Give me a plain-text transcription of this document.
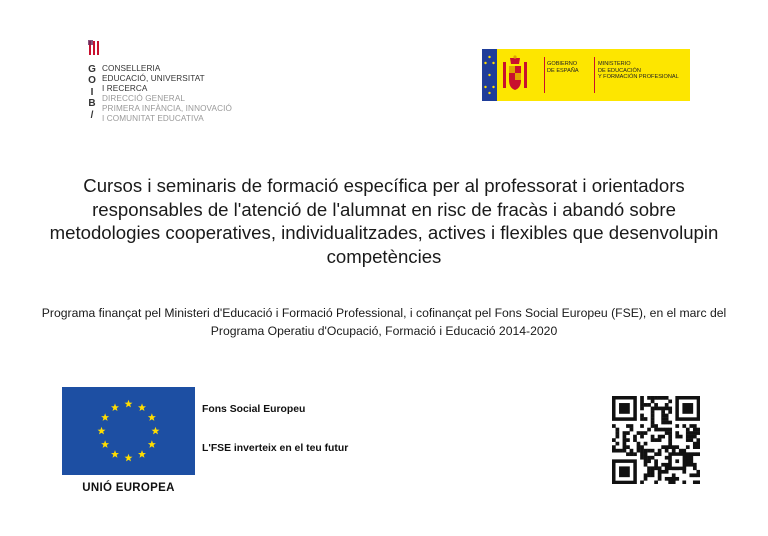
G
O
I
B
/
CONSELLERIA
EDUCACIÓ, UNIVERSITAT
I RECERCA
DIRECCIÓ GENERAL
PRIMERA INFÀNCIA, INNOVACIÓ
I COMUNITAT EDUCATIVA
GOBIERNO
DE ESPAÑA
MINISTERIO
DE EDUCACIÓN
Y FORMACIÓN PROFESIONAL
Cursos i seminaris de formació específica per al professorat i orientadors responsables de l'atenció de l'alumnat en risc de fracàs i abandó sobre metodologies cooperatives, individualitzades, actives i flexibles que desenvolupin competències
Programa finançat pel Ministeri d'Educació i Formació Professional, i cofinançat pel Fons Social Europeu (FSE), en el marc del Programa Operatiu d'Ocupació, Formació i Educació 2014-2020
UNIÓ EUROPEA
Fons Social Europeu
L'FSE inverteix en el teu futur
